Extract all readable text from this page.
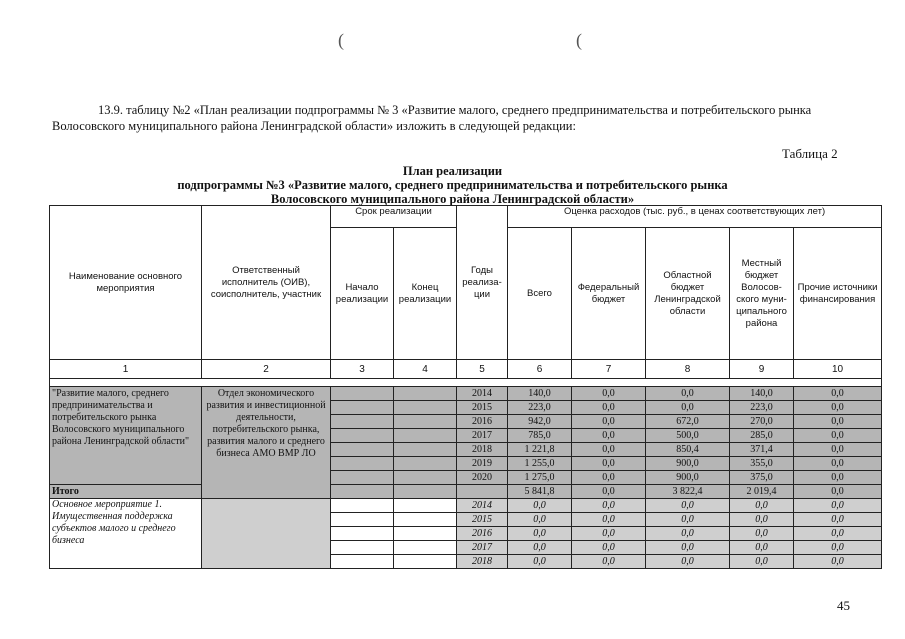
(	(
13.9. таблицу №2 «План реализации подпрограммы № 3 «Развитие малого, среднего предпринимательства и потребительского рынка Волосовского муниципального района Ленинградской области» изложить в следующей редакции:
Таблица 2
План реализации
подпрограммы №3 «Развитие малого, среднего предпринимательства и потребительского рынка
Волосовского муниципального района Ленинградской области»
Наименование основного мероприятия	Ответственный исполнитель (ОИВ), соисполнитель, участник	Срок реализации		Годы реализа-ции	Оценка расходов (тыс. руб., в ценах соответствующих лет)				
		Начало реализации	Конец реализации		Всего	Федеральный бюджет	Областной бюджет Ленинградской области	Местный бюджет Волосов-ского муни-ципального района	Прочие источники финансирования
1	2	3	4	5	6	7	8	9	10

"Развитие малого, среднего предпринимательства и потребительского рынка Волосовского муниципального района Ленинградской области"	Отдел экономического развития и инвестиционной деятельности, потребительского рынка, развития малого и среднего бизнеса АМО ВМР ЛО			2014	140,0	0,0	0,0	140,0	0,0
				2015	223,0	0,0	0,0	223,0	0,0
				2016	942,0	0,0	672,0	270,0	0,0
				2017	785,0	0,0	500,0	285,0	0,0
				2018	1 221,8	0,0	850,4	371,4	0,0
				2019	1 255,0	0,0	900,0	355,0	0,0
				2020	1 275,0	0,0	900,0	375,0	0,0
Итого					5 841,8	0,0	3 822,4	2 019,4	0,0
Основное мероприятие 1. Имущественная поддержка субъектов малого и среднего бизнеса				2014	0,0	0,0	0,0	0,0	0,0
				2015	0,0	0,0	0,0	0,0	0,0
				2016	0,0	0,0	0,0	0,0	0,0
				2017	0,0	0,0	0,0	0,0	0,0
				2018	0,0	0,0	0,0	0,0	0,0
45
